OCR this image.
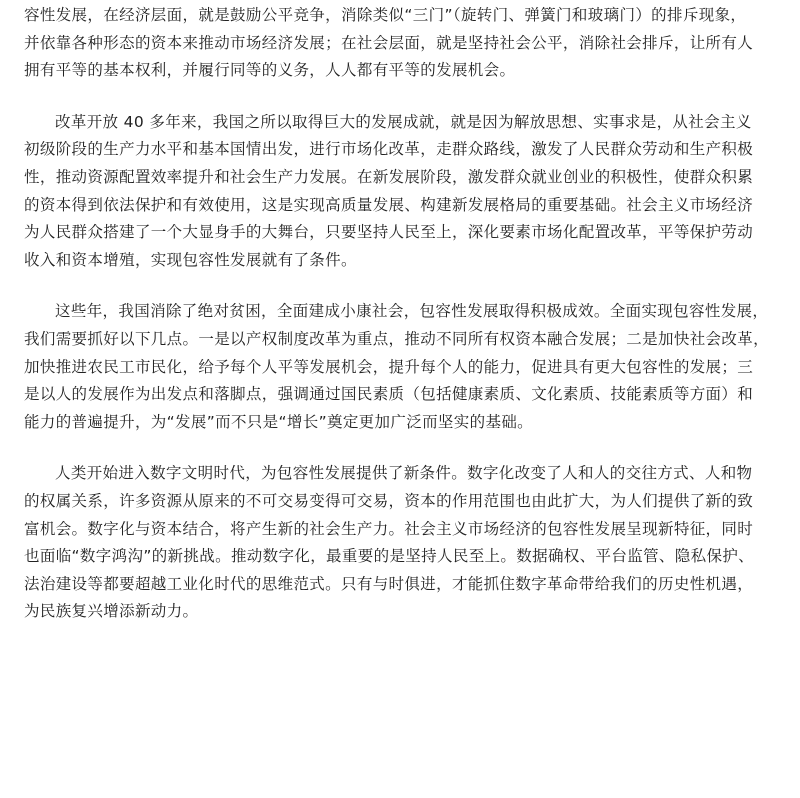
容性发展，在经济层面，就是鼓励公平竞争，消除类似“三门”（旋转门、弹簧门和玻璃门）的排斥现象，
并依靠各种形态的资本来推动市场经济发展；在社会层面，就是坚持社会公平，消除社会排斥，让所有人
拥有平等的基本权利，并履行同等的义务，人人都有平等的发展机会。

改革开放 40 多年来，我国之所以取得巨大的发展成就，就是因为解放思想、实事求是，从社会主义
初级阶段的生产力水平和基本国情出发，进行市场化改革，走群众路线，激发了人民群众劳动和生产积极
性，推动资源配置效率提升和社会生产力发展。在新发展阶段，激发群众就业创业的积极性，使群众积累
的资本得到依法保护和有效使用，这是实现高质量发展、构建新发展格局的重要基础。社会主义市场经济
为人民群众搭建了一个大显身手的大舞台，只要坚持人民至上，深化要素市场化配置改革，平等保护劳动
收入和资本增殖，实现包容性发展就有了条件。

这些年，我国消除了绝对贫困，全面建成小康社会，包容性发展取得积极成效。全面实现包容性发展，
我们需要抓好以下几点。一是以产权制度改革为重点，推动不同所有权资本融合发展；二是加快社会改革，
加快推进农民工市民化，给予每个人平等发展机会，提升每个人的能力，促进具有更大包容性的发展；三
是以人的发展作为出发点和落脚点，强调通过国民素质（包括健康素质、文化素质、技能素质等方面）和
能力的普遍提升，为“发展”而不只是“增长”奠定更加广泛而坚实的基础。

人类开始进入数字文明时代，为包容性发展提供了新条件。数字化改变了人和人的交往方式、人和物
的权属关系，许多资源从原来的不可交易变得可交易，资本的作用范围也由此扩大，为人们提供了新的致
富机会。数字化与资本结合，将产生新的社会生产力。社会主义市场经济的包容性发展呈现新特征，同时
也面临“数字鸿沟”的新挑战。推动数字化，最重要的是坚持人民至上。数据确权、平台监管、隐私保护、
法治建设等都要超越工业化时代的思维范式。只有与时俱进，才能抓住数字革命带给我们的历史性机遇，
为民族复兴增添新动力。
